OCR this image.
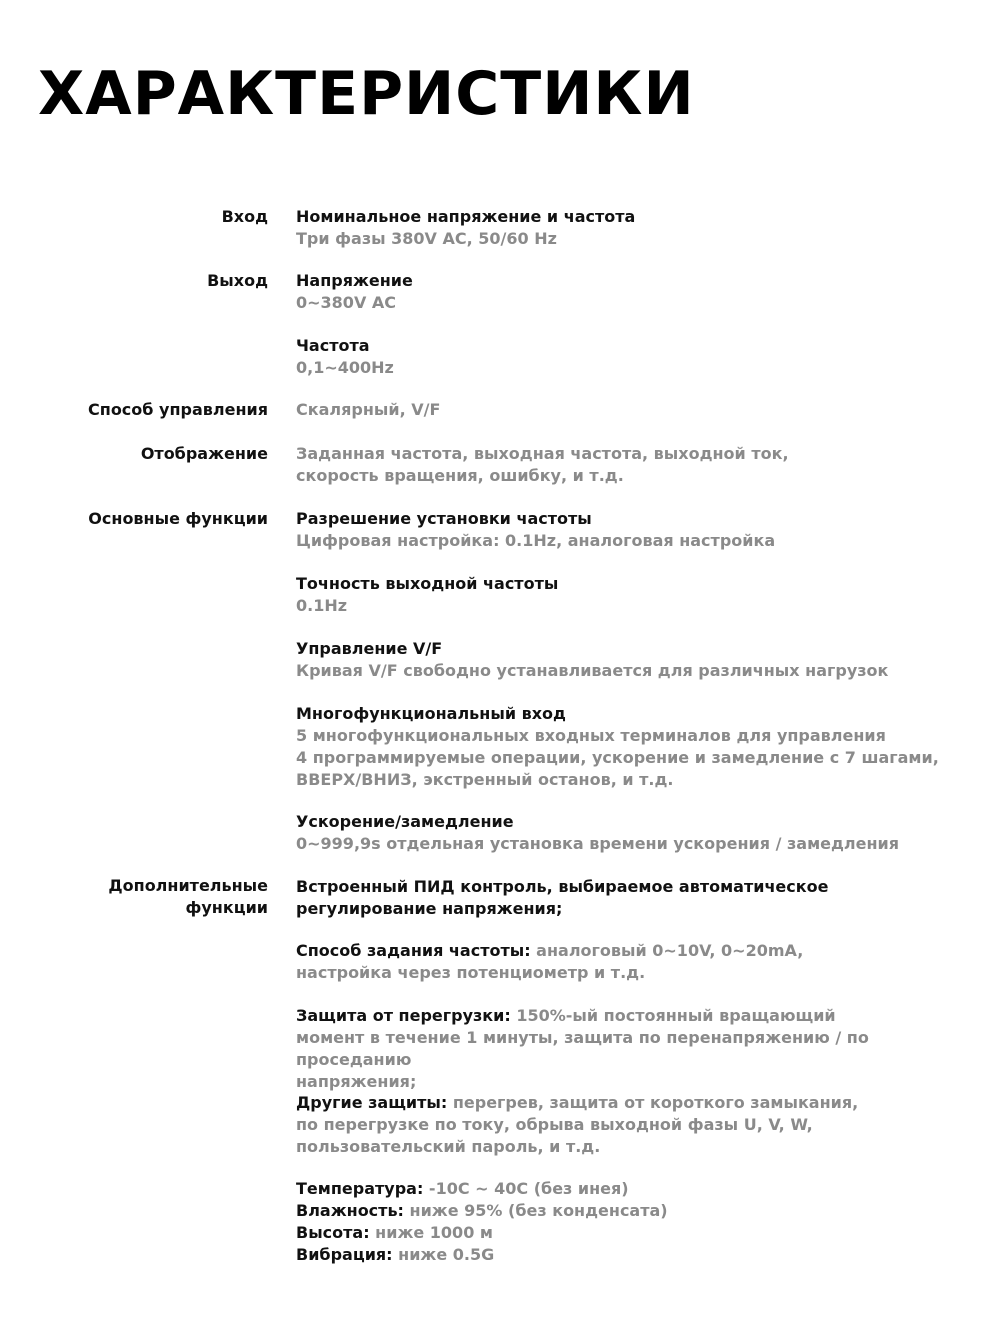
ХАРАКТЕРИСТИКИ
Вход Номинальное напряжение и частота
Три фазы 380V AC, 50/60 Hz
Выход Напряжение
0~380V AC
Частота
0,1~400Hz
Способ управления Скалярный, V/F
Отображение Заданная частота, выходная частота, выходной ток,
скорость вращения, ошибку, и т.д.
Основные функции Разрешение установки частоты
Цифровая настройка: 0.1Hz, аналоговая настройка
Точность выходной частоты
0.1Hz
Управление V/F
Кривая V/F свободно устанавливается для различных нагрузок
Многофункциональный вход
5 многофункциональных входных терминалов для управления
4 программируемые операции, ускорение и замедление с 7 шагами,
ВВЕРХ/ВНИЗ, экстренный останов, и т.д.
Ускорение/замедление
0~999,9s отдельная установка времени ускорения / замедления
Дополнительные
функции
Встроенный ПИД контроль, выбираемое автоматическое
регулирование напряжения;
Способ задания частоты: аналоговый 0~10V, 0~20mA,
настройка через потенциометр и т.д.
Защита от перегрузки: 150%-ый постоянный вращающий
момент в течение 1 минуты, защита по перенапряжению / по проседанию
напряжения;
Другие защиты: перегрев, защита от короткого замыкания,
по перегрузке по току, обрыва выходной фазы U, V, W,
пользовательский пароль, и т.д.
Температура: -10C ~ 40C (без инея)
Влажность: ниже 95% (без конденсата)
Высота: ниже 1000 м
Вибрация: ниже 0.5G
